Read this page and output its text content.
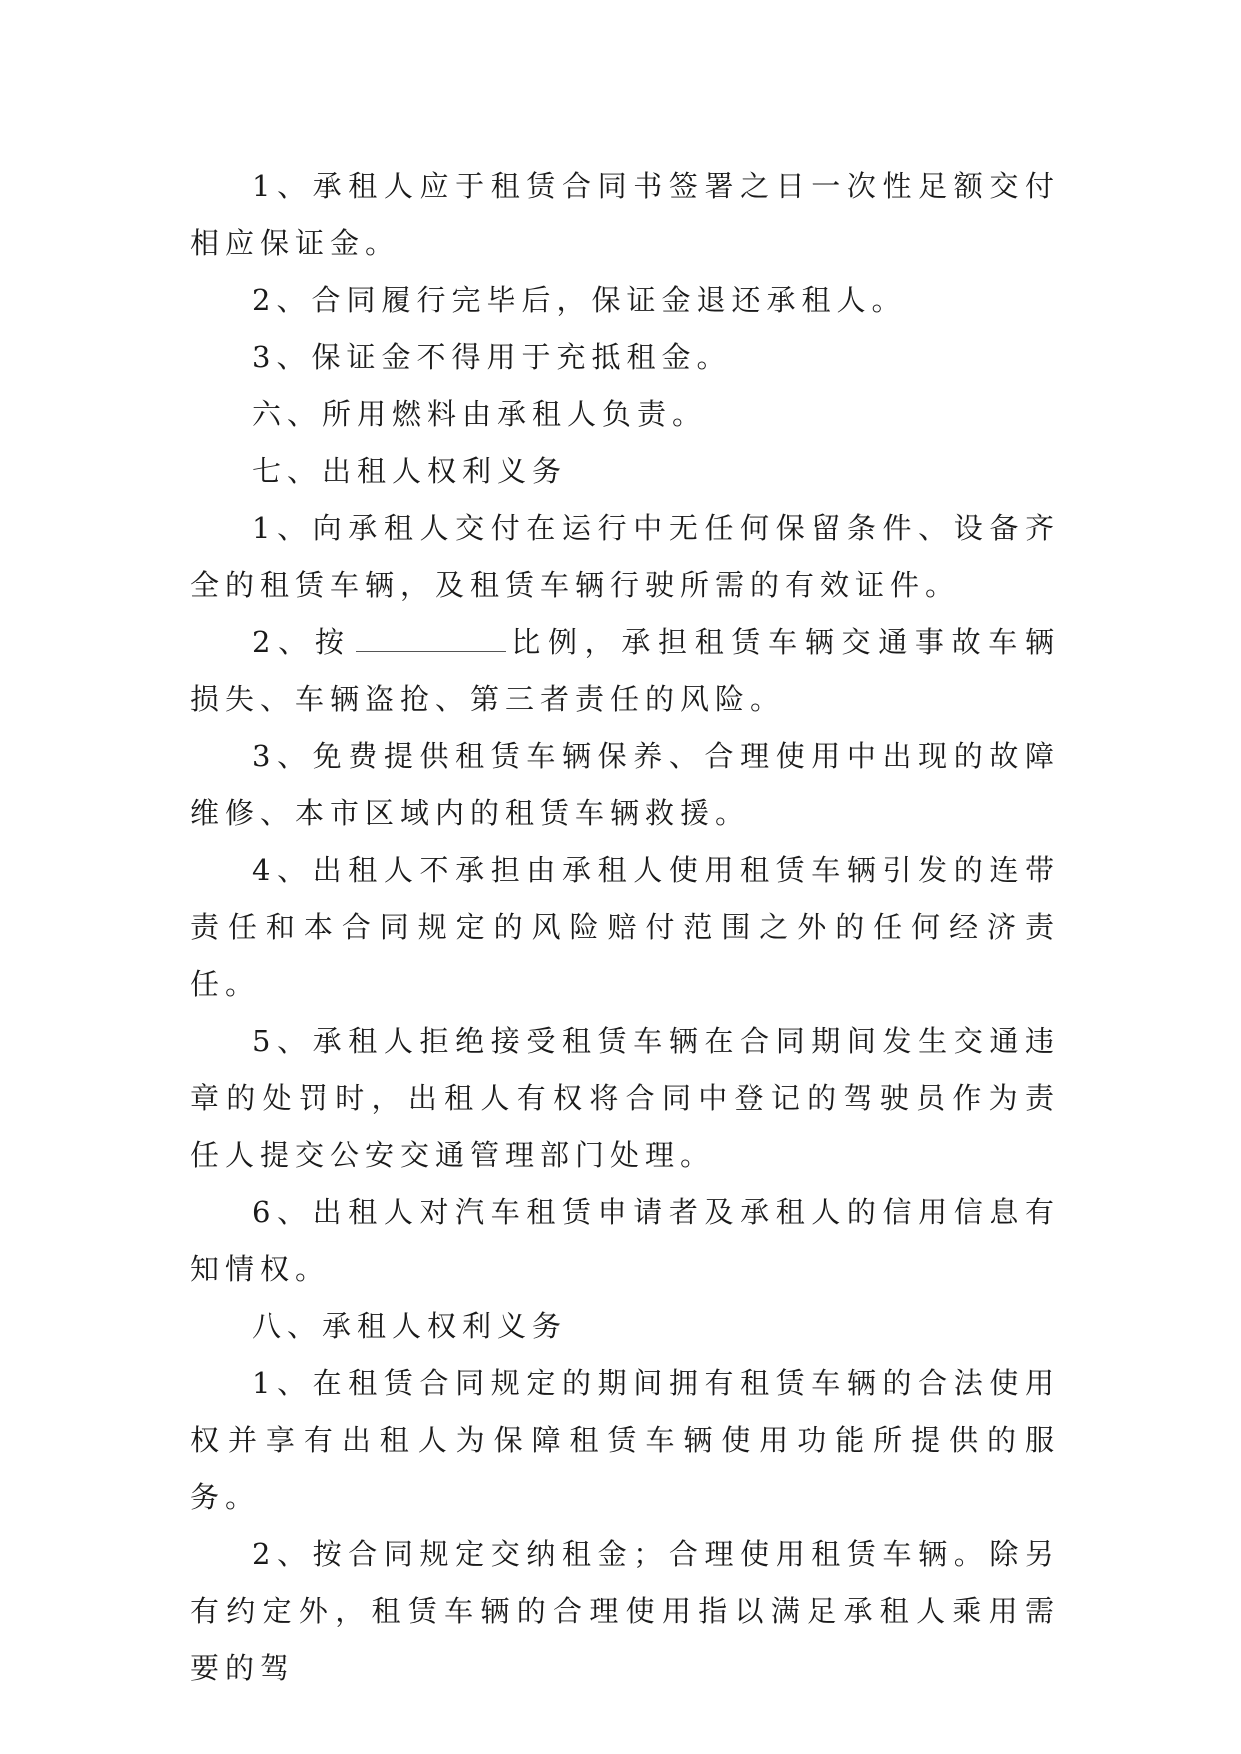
1、承租人应于租赁合同书签署之日一次性足额交付相应保证金。

2、合同履行完毕后，保证金退还承租人。

3、保证金不得用于充抵租金。

六、所用燃料由承租人负责。

七、出租人权利义务

1、向承租人交付在运行中无任何保留条件、设备齐全的租赁车辆，及租赁车辆行驶所需的有效证件。

2、按	比例，承担租赁车辆交通事故车辆损失、车辆盗抢、第三者责任的风险。

3、免费提供租赁车辆保养、合理使用中出现的故障维修、本市区域内的租赁车辆救援。

4、出租人不承担由承租人使用租赁车辆引发的连带责任和本合同规定的风险赔付范围之外的任何经济责任。

5、承租人拒绝接受租赁车辆在合同期间发生交通违章的处罚时，出租人有权将合同中登记的驾驶员作为责任人提交公安交通管理部门处理。

6、出租人对汽车租赁申请者及承租人的信用信息有知情权。

八、承租人权利义务

1、在租赁合同规定的期间拥有租赁车辆的合法使用权并享有出租人为保障租赁车辆使用功能所提供的服务。

2、按合同规定交纳租金；合理使用租赁车辆。除另有约定外，租赁车辆的合理使用指以满足承租人乘用需要的驾
